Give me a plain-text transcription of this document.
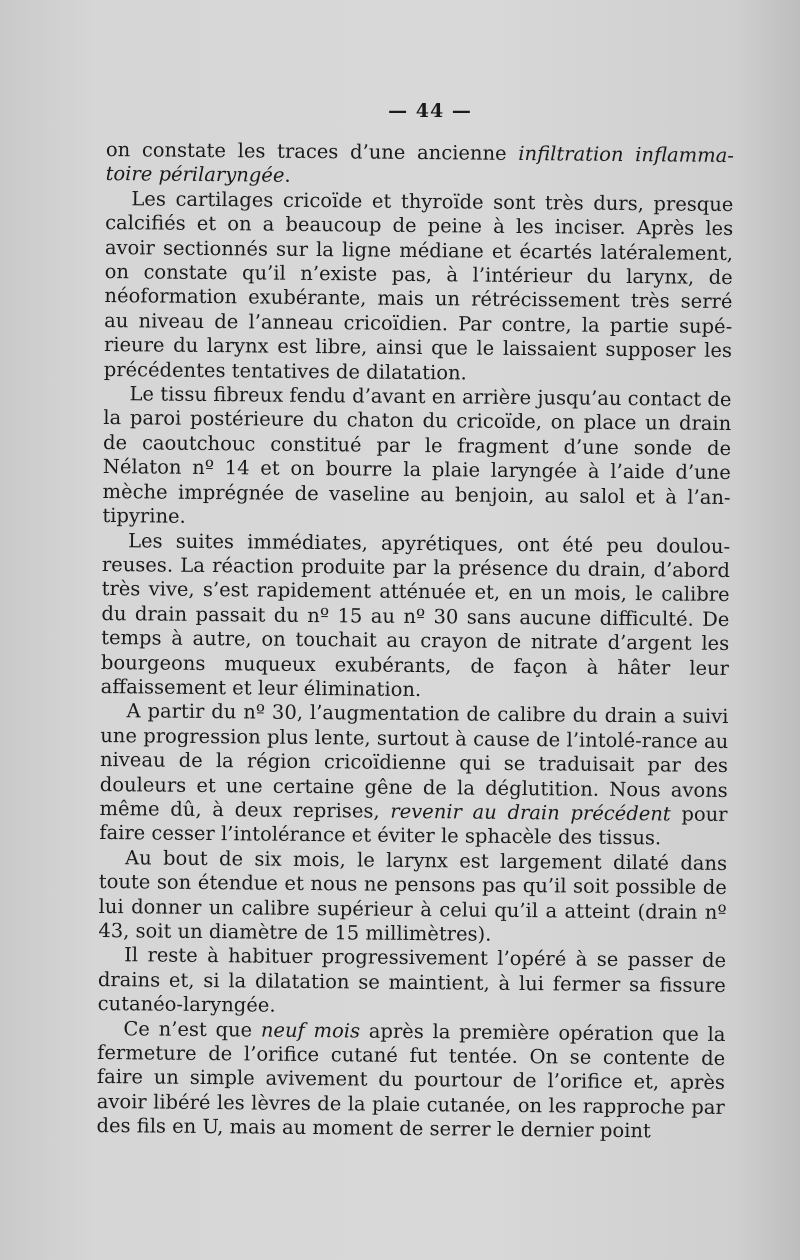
— 44 —

on constate les traces d’une ancienne infiltration inflamma-toire périlaryngée.

Les cartilages cricoïde et thyroïde sont très durs, presque calcifiés et on a beaucoup de peine à les inciser. Après les avoir sectionnés sur la ligne médiane et écartés latéralement, on constate qu’il n’existe pas, à l’intérieur du larynx, de néoformation exubérante, mais un rétrécissement très serré au niveau de l’anneau cricoïdien. Par contre, la partie supé-rieure du larynx est libre, ainsi que le laissaient supposer les précédentes tentatives de dilatation.

Le tissu fibreux fendu d’avant en arrière jusqu’au contact de la paroi postérieure du chaton du cricoïde, on place un drain de caoutchouc constitué par le fragment d’une sonde de Nélaton nº 14 et on bourre la plaie laryngée à l’aide d’une mèche imprégnée de vaseline au benjoin, au salol et à l’an-tipyrine.

Les suites immédiates, apyrétiques, ont été peu doulou-reuses. La réaction produite par la présence du drain, d’abord très vive, s’est rapidement atténuée et, en un mois, le calibre du drain passait du nº 15 au nº 30 sans aucune difficulté. De temps à autre, on touchait au crayon de nitrate d’argent les bourgeons muqueux exubérants, de façon à hâter leur affaissement et leur élimination.

A partir du nº 30, l’augmentation de calibre du drain a suivi une progression plus lente, surtout à cause de l’intolé-rance au niveau de la région cricoïdienne qui se traduisait par des douleurs et une certaine gêne de la déglutition. Nous avons même dû, à deux reprises, revenir au drain précédent pour faire cesser l’intolérance et éviter le sphacèle des tissus.

Au bout de six mois, le larynx est largement dilaté dans toute son étendue et nous ne pensons pas qu’il soit possible de lui donner un calibre supérieur à celui qu’il a atteint (drain nº 43, soit un diamètre de 15 millimètres).

Il reste à habituer progressivement l’opéré à se passer de drains et, si la dilatation se maintient, à lui fermer sa fissure cutanéo-laryngée.

Ce n’est que neuf mois après la première opération que la fermeture de l’orifice cutané fut tentée. On se contente de faire un simple avivement du pourtour de l’orifice et, après avoir libéré les lèvres de la plaie cutanée, on les rapproche par des fils en U, mais au moment de serrer le dernier point
